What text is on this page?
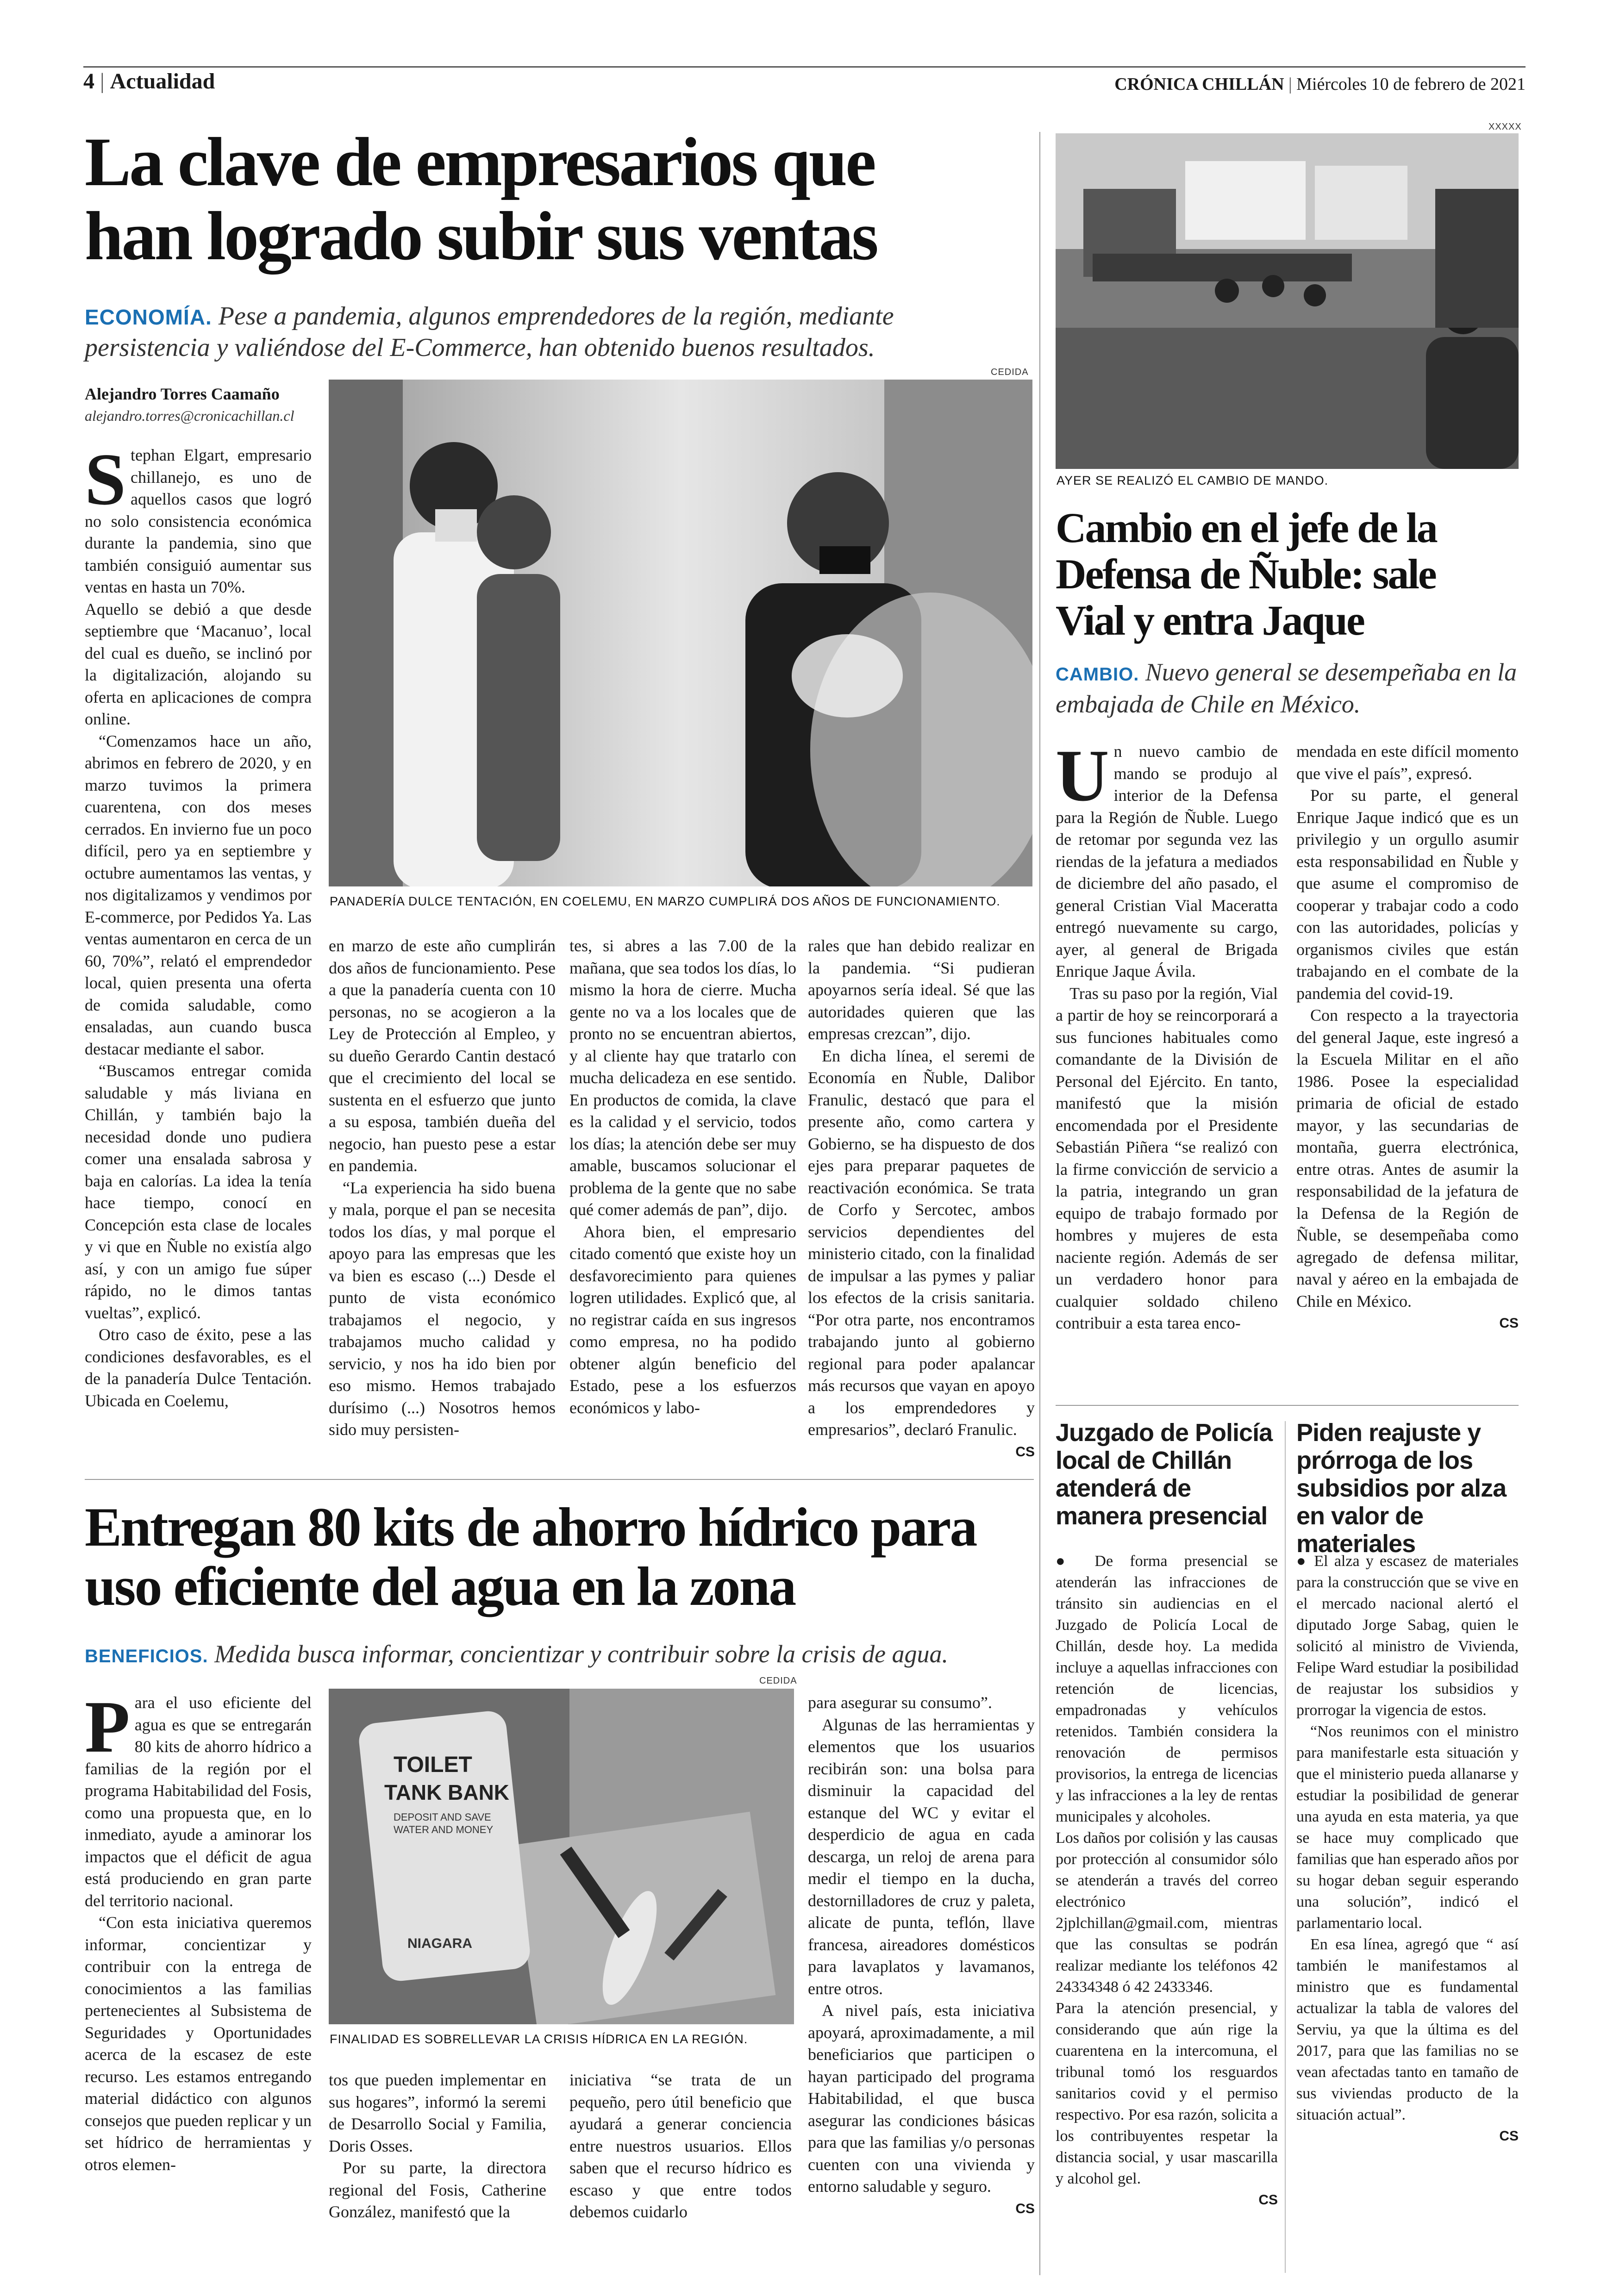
4 | Actualidad	CRÓNICA CHILLÁN | Miércoles 10 de febrero de 2021
La clave de empresarios que
han logrado subir sus ventas
ECONOMÍA. Pese a pandemia, algunos emprendedores de la región, mediante persistencia y valiéndose del E-Commerce, han obtenido buenos resultados.
Alejandro Torres Caamaño
alejandro.torres@cronicachillan.cl
CEDIDA
PANADERÍA DULCE TENTACIÓN, EN COELEMU, EN MARZO CUMPLIRÁ DOS AÑOS DE FUNCIONAMIENTO.
S tephan Elgart, empresario chillanejo, es uno de aquellos casos que logró no solo consistencia económica durante la pandemia, sino que también consiguió aumentar sus ventas en hasta un 70%.

Aquello se debió a que desde septiembre que ‘Macanuo’, local del cual es dueño, se inclinó por la digitalización, alojando su oferta en aplicaciones de compra online.

“Comenzamos hace un año, abrimos en febrero de 2020, y en marzo tuvimos la primera cuarentena, con dos meses cerrados. En invierno fue un poco difícil, pero ya en septiembre y octubre aumentamos las ventas, y nos digitalizamos y vendimos por E-commerce, por Pedidos Ya. Las ventas aumentaron en cerca de un 60, 70%”, relató el emprendedor local, quien presenta una oferta de comida saludable, como ensaladas, aun cuando busca destacar mediante el sabor.

“Buscamos entregar comida saludable y más liviana en Chillán, y también bajo la necesidad donde uno pudiera comer una ensalada sabrosa y baja en calorías. La idea la tenía hace tiempo, conocí en Concepción esta clase de locales y vi que en Ñuble no existía algo así, y con un amigo fue súper rápido, no le dimos tantas vueltas”, explicó.

Otro caso de éxito, pese a las condiciones desfavorables, es el de la panadería Dulce Tentación. Ubicada en Coelemu,

en marzo de este año cumplirán dos años de funcionamiento. Pese a que la panadería cuenta con 10 personas, no se acogieron a la Ley de Protección al Empleo, y su dueño Gerardo Cantin destacó que el crecimiento del local se sustenta en el esfuerzo que junto a su esposa, también dueña del negocio, han puesto pese a estar en pandemia.

“La experiencia ha sido buena y mala, porque el pan se necesita todos los días, y mal porque el apoyo para las empresas que les va bien es escaso (...) Desde el punto de vista económico trabajamos el negocio, y trabajamos mucho calidad y servicio, y nos ha ido bien por eso mismo. Hemos trabajado durísimo (...) Nosotros hemos sido muy persisten-

tes, si abres a las 7.00 de la mañana, que sea todos los días, lo mismo la hora de cierre. Mucha gente no va a los locales que de pronto no se encuentran abiertos, y al cliente hay que tratarlo con mucha delicadeza en ese sentido. En productos de comida, la clave es la calidad y el servicio, todos los días; la atención debe ser muy amable, buscamos solucionar el problema de la gente que no sabe qué comer además de pan”, dijo.

Ahora bien, el empresario citado comentó que existe hoy un desfavorecimiento para quienes logren utilidades. Explicó que, al no registrar caída en sus ingresos como empresa, no ha podido obtener algún beneficio del Estado, pese a los esfuerzos económicos y labo-

rales que han debido realizar en la pandemia. “Si pudieran apoyarnos sería ideal. Sé que las autoridades quieren que las empresas crezcan”, dijo.

En dicha línea, el seremi de Economía en Ñuble, Dalibor Franulic, destacó que para el presente año, como cartera y Gobierno, se ha dispuesto de dos ejes para preparar paquetes de reactivación económica. Se trata de Corfo y Sercotec, ambos servicios dependientes del ministerio citado, con la finalidad de impulsar a las pymes y paliar los efectos de la crisis sanitaria. “Por otra parte, nos encontramos trabajando junto al gobierno regional para poder apalancar más recursos que vayan en apoyo a los emprendedores y empresarios”, declaró Franulic.

CS
Entregan 80 kits de ahorro hídrico para
uso eficiente del agua en la zona
BENEFICIOS. Medida busca informar, concientizar y contribuir sobre la crisis de agua.
CEDIDA
TOILET
TANK BANK
DEPOSIT AND SAVE
WATER AND MONEY
NIAGARA
FINALIDAD ES SOBRELLEVAR LA CRISIS HÍDRICA EN LA REGIÓN.
P ara el uso eficiente del agua es que se entregarán 80 kits de ahorro hídrico a familias de la región por el programa Habitabilidad del Fosis, como una propuesta que, en lo inmediato, ayude a aminorar los impactos que el déficit de agua está produciendo en gran parte del territorio nacional.

“Con esta iniciativa queremos informar, concientizar y contribuir con la entrega de conocimientos a las familias pertenecientes al Subsistema de Seguridades y Oportunidades acerca de la escasez de este recurso. Les estamos entregando material didáctico con algunos consejos que pueden replicar y un set hídrico de herramientas y otros elemen-

tos que pueden implementar en sus hogares”, informó la seremi de Desarrollo Social y Familia, Doris Osses.

Por su parte, la directora regional del Fosis, Catherine González, manifestó que la

iniciativa “se trata de un pequeño, pero útil beneficio que ayudará a generar conciencia entre nuestros usuarios. Ellos saben que el recurso hídrico es escaso y que entre todos debemos cuidarlo

para asegurar su consumo”.

Algunas de las herramientas y elementos que los usuarios recibirán son: una bolsa para disminuir la capacidad del estanque del WC y evitar el desperdicio de agua en cada descarga, un reloj de arena para medir el tiempo en la ducha, destornilladores de cruz y paleta, alicate de punta, teflón, llave francesa, aireadores domésticos para lavaplatos y lavamanos, entre otros.

A nivel país, esta iniciativa apoyará, aproximadamente, a mil beneficiarios que participen o hayan participado del programa Habitabilidad, el que busca asegurar las condiciones básicas para que las familias y/o personas cuenten con una vivienda y entorno saludable y seguro.

CS
XXXXX
AYER SE REALIZÓ EL CAMBIO DE MANDO.
Cambio en el jefe de la
Defensa de Ñuble: sale
Vial y entra Jaque
CAMBIO. Nuevo general se desempeñaba en la embajada de Chile en México.
U n nuevo cambio de mando se produjo al interior de la Defensa para la Región de Ñuble. Luego de retomar por segunda vez las riendas de la jefatura a mediados de diciembre del año pasado, el general Cristian Vial Maceratta entregó nuevamente su cargo, ayer, al general de Brigada Enrique Jaque Ávila.

Tras su paso por la región, Vial a partir de hoy se reincorporará a sus funciones habituales como comandante de la División de Personal del Ejército. En tanto, manifestó que la misión encomendada por el Presidente Sebastián Piñera “se realizó con la firme convicción de servicio a la patria, integrando un gran equipo de trabajo formado por hombres y mujeres de esta naciente región. Además de ser un verdadero honor para cualquier soldado chileno contribuir a esta tarea enco-

mendada en este difícil momento que vive el país”, expresó.

Por su parte, el general Enrique Jaque indicó que es un privilegio y un orgullo asumir esta responsabilidad en Ñuble y que asume el compromiso de cooperar y trabajar codo a codo con las autoridades, policías y organismos civiles que están trabajando en el combate de la pandemia del covid-19.

Con respecto a la trayectoria del general Jaque, este ingresó a la Escuela Militar en el año 1986. Posee la especialidad primaria de oficial de estado mayor, y las secundarias de montaña, guerra electrónica, entre otras. Antes de asumir la responsabilidad de la jefatura de la Defensa de la Región de Ñuble, se desempeñaba como agregado de defensa militar, naval y aéreo en la embajada de Chile en México.

CS
Juzgado de Policía local de Chillán atenderá de manera presencial

● De forma presencial se atenderán las infracciones de tránsito sin audiencias en el Juzgado de Policía Local de Chillán, desde hoy. La medida incluye a aquellas infracciones con retención de licencias, empadronadas y vehículos retenidos. También considera la renovación de permisos provisorios, la entrega de licencias y las infracciones a la ley de rentas municipales y alcoholes.

Los daños por colisión y las causas por protección al consumidor sólo se atenderán a través del correo electrónico 2jplchillan@gmail.com, mientras que las consultas se podrán realizar mediante los teléfonos 42 24334348 ó 42 2433346.

Para la atención presencial, y considerando que aún rige la cuarentena en la intercomuna, el tribunal tomó los resguardos sanitarios covid y el permiso respectivo. Por esa razón, solicita a los contribuyentes respetar la distancia social, y usar mascarilla y alcohol gel.

CS
Piden reajuste y prórroga de los subsidios por alza en valor de materiales

● El alza y escasez de materiales para la construcción que se vive en el mercado nacional alertó el diputado Jorge Sabag, quien le solicitó al ministro de Vivienda, Felipe Ward estudiar la posibilidad de reajustar los subsidios y prorrogar la vigencia de estos.

“Nos reunimos con el ministro para manifestarle esta situación y que el ministerio pueda allanarse y estudiar la posibilidad de generar una ayuda en esta materia, ya que se hace muy complicado que familias que han esperado años por su hogar deban seguir esperando una solución”, indicó el parlamentario local.

En esa línea, agregó que “ así también le manifestamos al ministro que es fundamental actualizar la tabla de valores del Serviu, ya que la última es del 2017, para que las familias no se vean afectadas tanto en tamaño de sus viviendas producto de la situación actual”.

CS
